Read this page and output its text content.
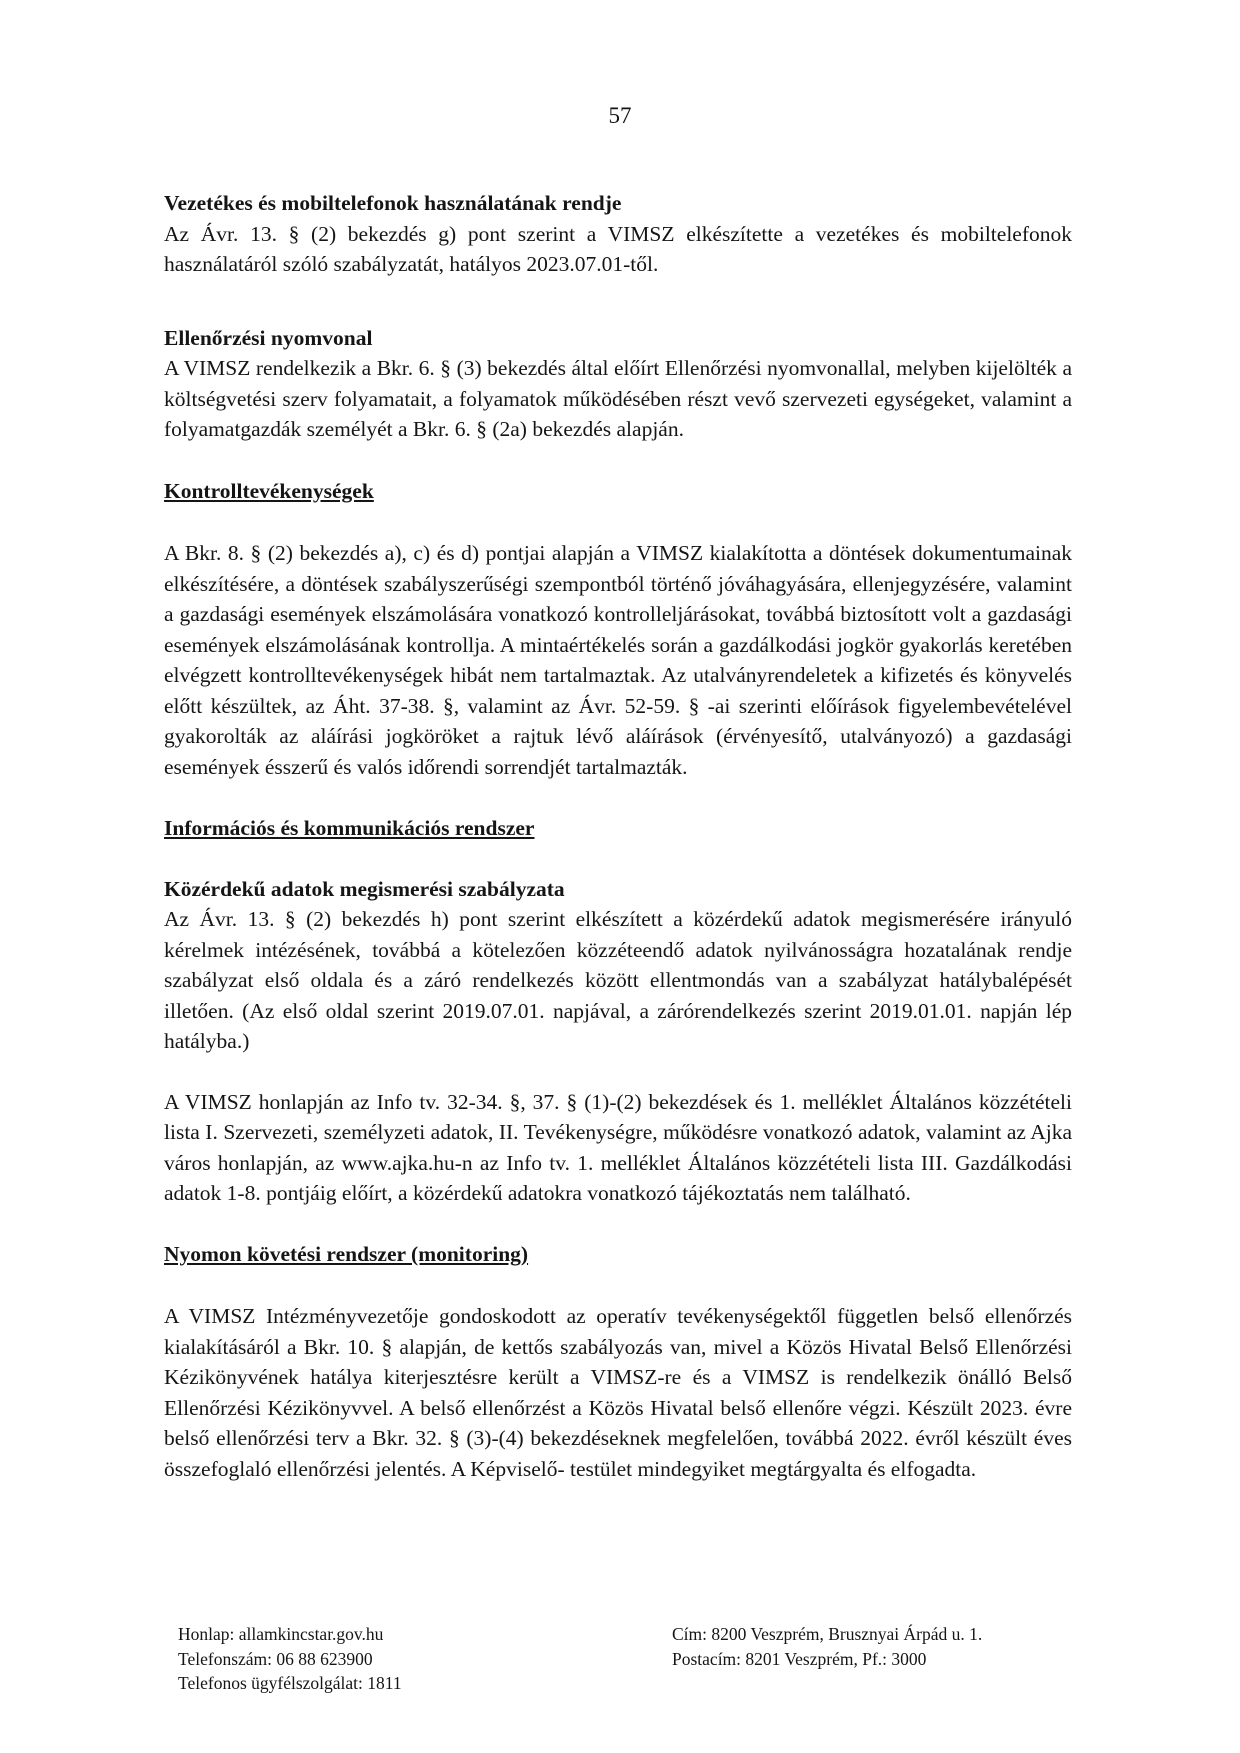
57
Vezetékes és mobiltelefonok használatának rendje

Az Ávr. 13. § (2) bekezdés g) pont szerint a VIMSZ elkészítette a vezetékes és mobiltelefonok használatáról szóló szabályzatát, hatályos 2023.07.01-től.

Ellenőrzési nyomvonal

A VIMSZ rendelkezik a Bkr. 6. § (3) bekezdés által előírt Ellenőrzési nyomvonallal, melyben kijelölték a költségvetési szerv folyamatait, a folyamatok működésében részt vevő szervezeti egységeket, valamint a folyamatgazdák személyét a Bkr. 6. § (2a) bekezdés alapján.

Kontrolltevékenységek

A Bkr. 8. § (2) bekezdés a), c) és d) pontjai alapján a VIMSZ kialakította a döntések dokumentumainak elkészítésére, a döntések szabályszerűségi szempontból történő jóváhagyására, ellenjegyzésére, valamint a gazdasági események elszámolására vonatkozó kontrolleljárásokat, továbbá biztosított volt a gazdasági események elszámolásának kontrollja. A mintaértékelés során a gazdálkodási jogkör gyakorlás keretében elvégzett kontrolltevékenységek hibát nem tartalmaztak. Az utalványrendeletek a kifizetés és könyvelés előtt készültek, az Áht. 37-38. §, valamint az Ávr. 52-59. § -ai szerinti előírások figyelembevételével gyakorolták az aláírási jogköröket a rajtuk lévő aláírások (érvényesítő, utalványozó) a gazdasági események ésszerű és valós időrendi sorrendjét tartalmazták.

Információs és kommunikációs rendszer
Közérdekű adatok megismerési szabályzata

Az Ávr. 13. § (2) bekezdés h) pont szerint elkészített a közérdekű adatok megismerésére irányuló kérelmek intézésének, továbbá a kötelezően közzéteendő adatok nyilvánosságra hozatalának rendje szabályzat első oldala és a záró rendelkezés között ellentmondás van a szabályzat hatálybalépését illetően. (Az első oldal szerint 2019.07.01. napjával, a zárórendelkezés szerint 2019.01.01. napján lép hatályba.)

A VIMSZ honlapján az Info tv. 32-34. §, 37. § (1)-(2) bekezdések és 1. melléklet Általános közzétételi lista I. Szervezeti, személyzeti adatok, II. Tevékenységre, működésre vonatkozó adatok, valamint az Ajka város honlapján, az www.ajka.hu-n az Info tv. 1. melléklet Általános közzétételi lista III. Gazdálkodási adatok 1-8. pontjáig előírt, a közérdekű adatokra vonatkozó tájékoztatás nem található.

Nyomon követési rendszer (monitoring)

A VIMSZ Intézményvezetője gondoskodott az operatív tevékenységektől független belső ellenőrzés kialakításáról a Bkr. 10. § alapján, de kettős szabályozás van, mivel a Közös Hivatal Belső Ellenőrzési Kézikönyvének hatálya kiterjesztésre került a VIMSZ-re és a VIMSZ is rendelkezik önálló Belső Ellenőrzési Kézikönyvvel. A belső ellenőrzést a Közös Hivatal belső ellenőre végzi. Készült 2023. évre belső ellenőrzési terv a Bkr. 32. § (3)-(4) bekezdéseknek megfelelően, továbbá 2022. évről készült éves összefoglaló ellenőrzési jelentés. A Képviselő- testület mindegyiket megtárgyalta és elfogadta.

Honlap: allamkincstar.gov.hu
Telefonszám: 06 88 623900
Telefonos ügyfélszolgálat: 1811
Cím: 8200 Veszprém, Brusznyai Árpád u. 1.
Postacím: 8201 Veszprém, Pf.: 3000
